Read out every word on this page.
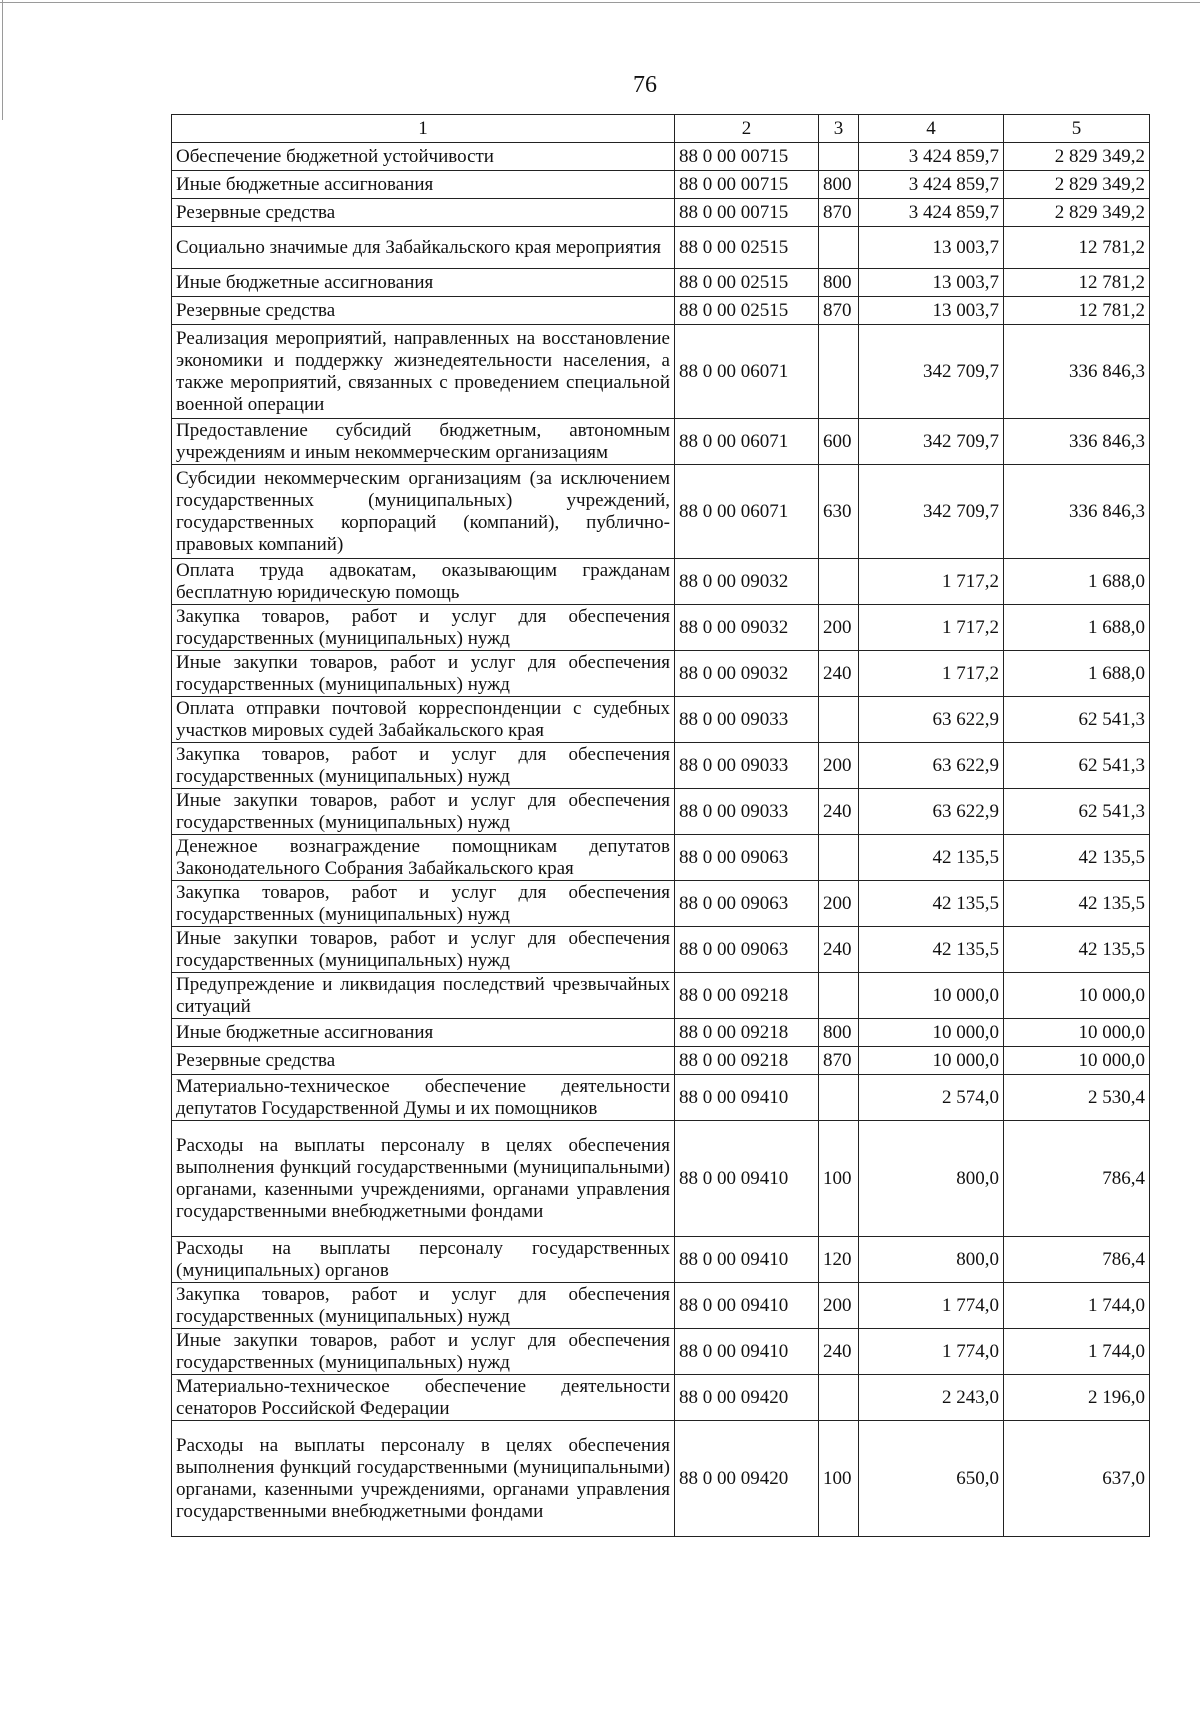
76
1	2	3	4	5
Обеспечение бюджетной устойчивости	88 0 00 00715		3 424 859,7	2 829 349,2
Иные бюджетные ассигнования	88 0 00 00715	800	3 424 859,7	2 829 349,2
Резервные средства	88 0 00 00715	870	3 424 859,7	2 829 349,2
Социально значимые для Забайкальского края мероприятия	88 0 00 02515		13 003,7	12 781,2
Иные бюджетные ассигнования	88 0 00 02515	800	13 003,7	12 781,2
Резервные средства	88 0 00 02515	870	13 003,7	12 781,2
Реализация мероприятий, направленных на восстановление экономики и поддержку жизнедеятельности населения, а также мероприятий, связанных с проведением специальной военной операции	88 0 00 06071		342 709,7	336 846,3
Предоставление субсидий бюджетным, автономным учреждениям и иным некоммерческим организациям	88 0 00 06071	600	342 709,7	336 846,3
Субсидии некоммерческим организациям (за исключением государственных (муниципальных) учреждений, государственных корпораций (компаний), публично-правовых компаний)	88 0 00 06071	630	342 709,7	336 846,3
Оплата труда адвокатам, оказывающим гражданам бесплатную юридическую помощь	88 0 00 09032		1 717,2	1 688,0
Закупка товаров, работ и услуг для обеспечения государственных (муниципальных) нужд	88 0 00 09032	200	1 717,2	1 688,0
Иные закупки товаров, работ и услуг для обеспечения государственных (муниципальных) нужд	88 0 00 09032	240	1 717,2	1 688,0
Оплата отправки почтовой корреспонденции с судебных участков мировых судей Забайкальского края	88 0 00 09033		63 622,9	62 541,3
Закупка товаров, работ и услуг для обеспечения государственных (муниципальных) нужд	88 0 00 09033	200	63 622,9	62 541,3
Иные закупки товаров, работ и услуг для обеспечения государственных (муниципальных) нужд	88 0 00 09033	240	63 622,9	62 541,3
Денежное вознаграждение помощникам депутатов Законодательного Собрания Забайкальского края	88 0 00 09063		42 135,5	42 135,5
Закупка товаров, работ и услуг для обеспечения государственных (муниципальных) нужд	88 0 00 09063	200	42 135,5	42 135,5
Иные закупки товаров, работ и услуг для обеспечения государственных (муниципальных) нужд	88 0 00 09063	240	42 135,5	42 135,5
Предупреждение и ликвидация последствий чрезвычайных ситуаций	88 0 00 09218		10 000,0	10 000,0
Иные бюджетные ассигнования	88 0 00 09218	800	10 000,0	10 000,0
Резервные средства	88 0 00 09218	870	10 000,0	10 000,0
Материально-техническое обеспечение деятельности депутатов Государственной Думы и их помощников	88 0 00 09410		2 574,0	2 530,4
Расходы на выплаты персоналу в целях обеспечения выполнения функций государственными (муниципальными) органами, казенными учреждениями, органами управления государственными внебюджетными фондами	88 0 00 09410	100	800,0	786,4
Расходы на выплаты персоналу государственных (муниципальных) органов	88 0 00 09410	120	800,0	786,4
Закупка товаров, работ и услуг для обеспечения государственных (муниципальных) нужд	88 0 00 09410	200	1 774,0	1 744,0
Иные закупки товаров, работ и услуг для обеспечения государственных (муниципальных) нужд	88 0 00 09410	240	1 774,0	1 744,0
Материально-техническое обеспечение деятельности сенаторов Российской Федерации	88 0 00 09420		2 243,0	2 196,0
Расходы на выплаты персоналу в целях обеспечения выполнения функций государственными (муниципальными) органами, казенными учреждениями, органами управления государственными внебюджетными фондами	88 0 00 09420	100	650,0	637,0
